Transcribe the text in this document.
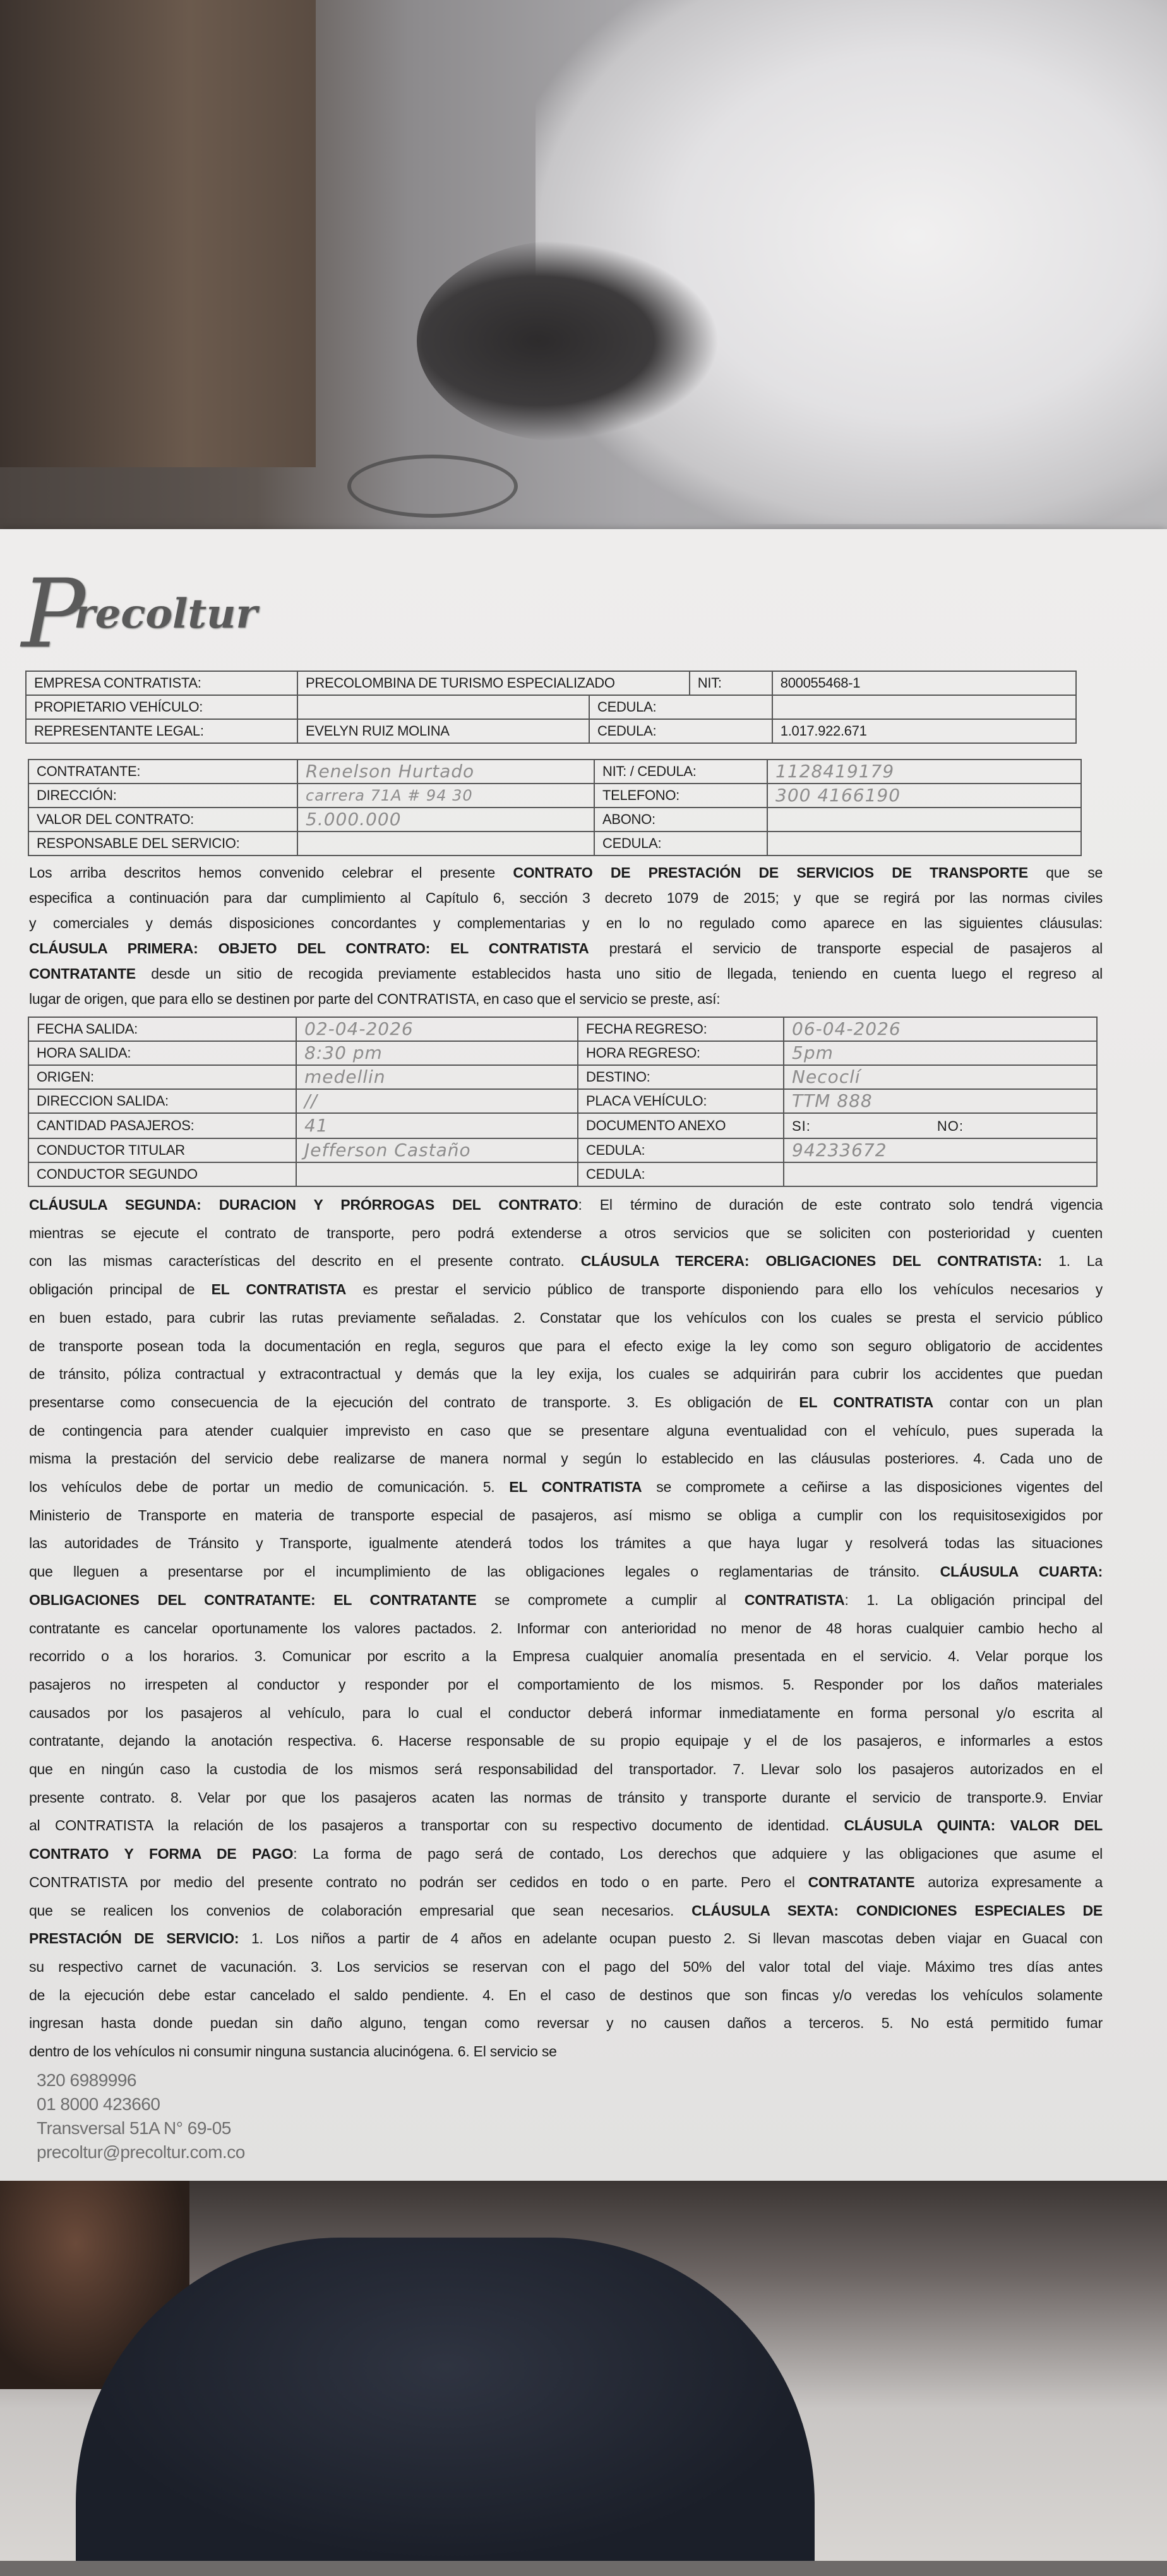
Precoltur
EMPRESA CONTRATISTA:	PRECOLOMBINA DE TURISMO ESPECIALIZADO		NIT:	800055468-1
PROPIETARIO VEHÍCULO:		CEDULA:		
REPRESENTANTE LEGAL:	EVELYN RUIZ MOLINA	CEDULA:		1.017.922.671
CONTRATANTE:	Renelson Hurtado	NIT: / CEDULA:	1128419179
DIRECCIÓN:	carrera 71A # 94 30	TELEFONO:	300 4166190
VALOR DEL CONTRATO:	5.000.000	ABONO:	
RESPONSABLE DEL SERVICIO:		CEDULA:	
Los arriba descritos hemos convenido celebrar el presente CONTRATO DE PRESTACIÓN DE SERVICIOS DE TRANSPORTE que se
especifica a continuación para dar cumplimiento al Capítulo 6, sección 3 decreto 1079 de 2015; y que se regirá por las normas civiles
y comerciales y demás disposiciones concordantes y complementarias y en lo no regulado como aparece en las siguientes cláusulas:
CLÁUSULA PRIMERA: OBJETO DEL CONTRATO: EL CONTRATISTA prestará el servicio de transporte especial de pasajeros al
CONTRATANTE desde un sitio de recogida previamente establecidos hasta uno sitio de llegada, teniendo en cuenta luego el regreso al
lugar de origen, que para ello se destinen por parte del CONTRATISTA, en caso que el servicio se preste, así:
FECHA SALIDA:	02-04-2026	FECHA REGRESO:	06-04-2026
HORA SALIDA:	8:30 pm	HORA REGRESO:	5pm
ORIGEN:	medellin	DESTINO:	Necoclí
DIRECCION SALIDA:	//	PLACA VEHÍCULO:	TTM 888
CANTIDAD PASAJEROS:	41	DOCUMENTO ANEXO	SI: NO:
CONDUCTOR TITULAR	Jefferson Castaño	CEDULA:	94233672
CONDUCTOR SEGUNDO		CEDULA:	
CLÁUSULA SEGUNDA: DURACION Y PRÓRROGAS DEL CONTRATO: El término de duración de este contrato solo tendrá vigencia
mientras se ejecute el contrato de transporte, pero podrá extenderse a otros servicios que se soliciten con posterioridad y cuenten
con las mismas características del descrito en el presente contrato. CLÁUSULA TERCERA: OBLIGACIONES DEL CONTRATISTA: 1. La
obligación principal de EL CONTRATISTA es prestar el servicio público de transporte disponiendo para ello los vehículos necesarios y
en buen estado, para cubrir las rutas previamente señaladas. 2. Constatar que los vehículos con los cuales se presta el servicio público
de transporte posean toda la documentación en regla, seguros que para el efecto exige la ley como son seguro obligatorio de accidentes
de tránsito, póliza contractual y extracontractual y demás que la ley exija, los cuales se adquirirán para cubrir los accidentes que puedan
presentarse como consecuencia de la ejecución del contrato de transporte. 3. Es obligación de EL CONTRATISTA contar con un plan
de contingencia para atender cualquier imprevisto en caso que se presentare alguna eventualidad con el vehículo, pues superada la
misma la prestación del servicio debe realizarse de manera normal y según lo establecido en las cláusulas posteriores. 4. Cada uno de
los vehículos debe de portar un medio de comunicación. 5. EL CONTRATISTA se compromete a ceñirse a las disposiciones vigentes del
Ministerio de Transporte en materia de transporte especial de pasajeros, así mismo se obliga a cumplir con los requisitosexigidos por
las autoridades de Tránsito y Transporte, igualmente atenderá todos los trámites a que haya lugar y resolverá todas las situaciones
que lleguen a presentarse por el incumplimiento de las obligaciones legales o reglamentarias de tránsito. CLÁUSULA CUARTA:
OBLIGACIONES DEL CONTRATANTE: EL CONTRATANTE se compromete a cumplir al CONTRATISTA: 1. La obligación principal del
contratante es cancelar oportunamente los valores pactados. 2. Informar con anterioridad no menor de 48 horas cualquier cambio hecho al
recorrido o a los horarios. 3. Comunicar por escrito a la Empresa cualquier anomalía presentada en el servicio. 4. Velar porque los
pasajeros no irrespeten al conductor y responder por el comportamiento de los mismos. 5. Responder por los daños materiales
causados por los pasajeros al vehículo, para lo cual el conductor deberá informar inmediatamente en forma personal y/o escrita al
contratante, dejando la anotación respectiva. 6. Hacerse responsable de su propio equipaje y el de los pasajeros, e informarles a estos
que en ningún caso la custodia de los mismos será responsabilidad del transportador. 7. Llevar solo los pasajeros autorizados en el
presente contrato. 8. Velar por que los pasajeros acaten las normas de tránsito y transporte durante el servicio de transporte.9. Enviar
al CONTRATISTA la relación de los pasajeros a transportar con su respectivo documento de identidad. CLÁUSULA QUINTA: VALOR DEL
CONTRATO Y FORMA DE PAGO: La forma de pago será de contado, Los derechos que adquiere y las obligaciones que asume el
CONTRATISTA por medio del presente contrato no podrán ser cedidos en todo o en parte. Pero el CONTRATANTE autoriza expresamente a
que se realicen los convenios de colaboración empresarial que sean necesarios. CLÁUSULA SEXTA: CONDICIONES ESPECIALES DE
PRESTACIÓN DE SERVICIO: 1. Los niños a partir de 4 años en adelante ocupan puesto 2. Si llevan mascotas deben viajar en Guacal con
su respectivo carnet de vacunación. 3. Los servicios se reservan con el pago del 50% del valor total del viaje. Máximo tres días antes
de la ejecución debe estar cancelado el saldo pendiente. 4. En el caso de destinos que son fincas y/o veredas los vehículos solamente
ingresan hasta donde puedan sin daño alguno, tengan como reversar y no causen daños a terceros. 5. No está permitido fumar
dentro de los vehículos ni consumir ninguna sustancia alucinógena. 6. El servicio se
320 6989996
01 8000 423660
Transversal 51A N° 69-05
precoltur@precoltur.com.co
